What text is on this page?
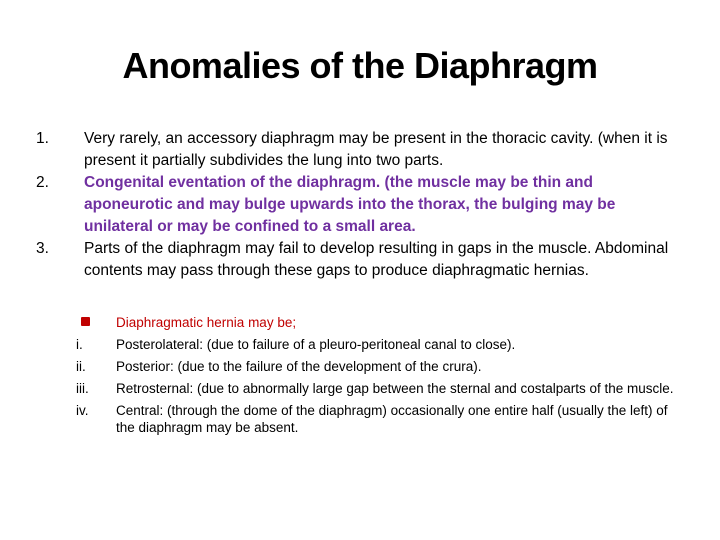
Anomalies of the Diaphragm
1. Very rarely, an accessory diaphragm may be present in the thoracic cavity. (when it is present it partially subdivides the lung into two parts.
2. Congenital eventation of the diaphragm. (the muscle may be thin and aponeurotic and may bulge upwards into the thorax, the bulging may be unilateral or may be confined to a small area.
3. Parts of the diaphragm may fail to develop resulting in gaps in the muscle. Abdominal contents may pass through these gaps to produce diaphragmatic hernias.
Diaphragmatic hernia may be;
i. Posterolateral: (due to failure of a pleuro-peritoneal canal to close).
ii. Posterior: (due to the failure of the development of the crura).
iii. Retrosternal: (due to abnormally large gap between the sternal and costalparts of the muscle.
iv. Central: (through the dome of the diaphragm) occasionally one entire half (usually the left) of the diaphragm may be absent.
